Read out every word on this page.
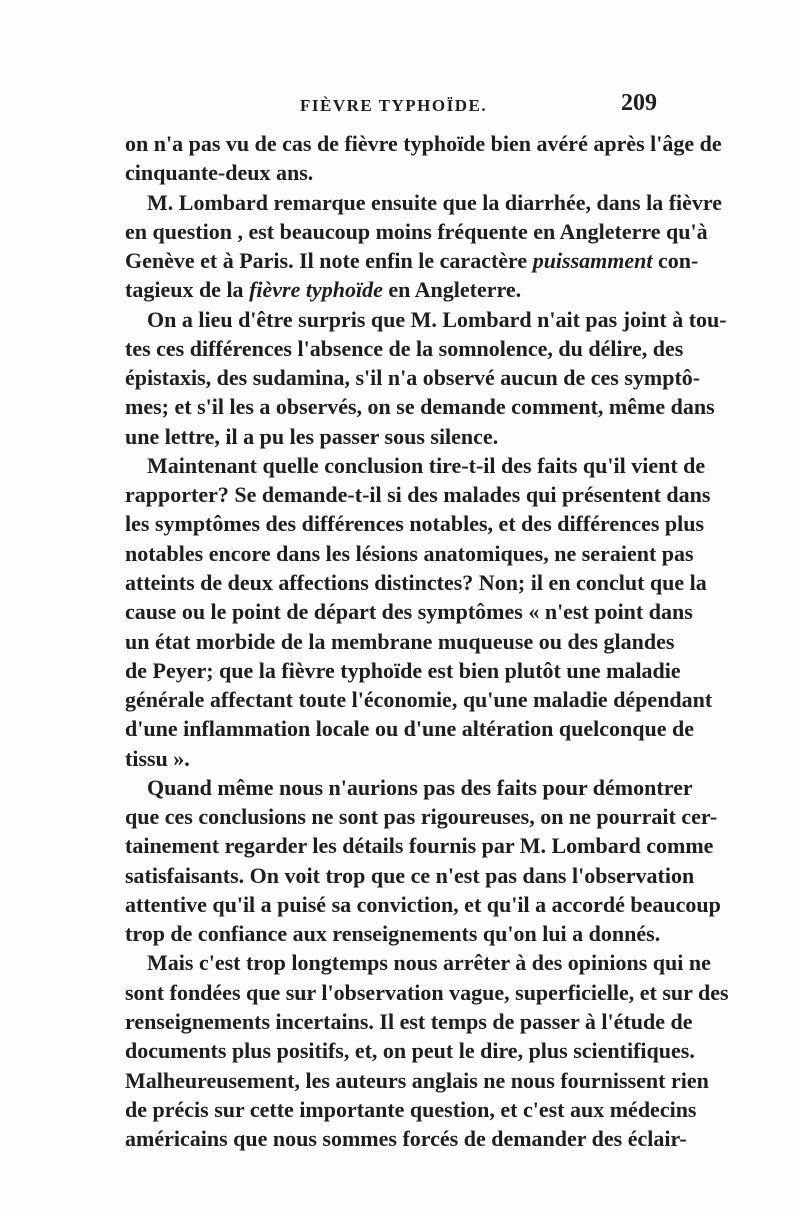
FIÈVRE TYPHOÏDE.	209
on n'a pas vu de cas de fièvre typhoïde bien avéré après l'âge de
cinquante-deux ans.
M. Lombard remarque ensuite que la diarrhée, dans la fièvre
en question , est beaucoup moins fréquente en Angleterre qu'à
Genève et à Paris. Il note enfin le caractère puissamment con-
tagieux de la fièvre typhoïde en Angleterre.
On a lieu d'être surpris que M. Lombard n'ait pas joint à tou-
tes ces différences l'absence de la somnolence, du délire, des
épistaxis, des sudamina, s'il n'a observé aucun de ces symptô-
mes; et s'il les a observés, on se demande comment, même dans
une lettre, il a pu les passer sous silence.
Maintenant quelle conclusion tire-t-il des faits qu'il vient de
rapporter? Se demande-t-il si des malades qui présentent dans
les symptômes des différences notables, et des différences plus
notables encore dans les lésions anatomiques, ne seraient pas
atteints de deux affections distinctes? Non; il en conclut que la
cause ou le point de départ des symptômes « n'est point dans
un état morbide de la membrane muqueuse ou des glandes
de Peyer; que la fièvre typhoïde est bien plutôt une maladie
générale affectant toute l'économie, qu'une maladie dépendant
d'une inflammation locale ou d'une altération quelconque de
tissu ».
Quand même nous n'aurions pas des faits pour démontrer
que ces conclusions ne sont pas rigoureuses, on ne pourrait cer-
tainement regarder les détails fournis par M. Lombard comme
satisfaisants. On voit trop que ce n'est pas dans l'observation
attentive qu'il a puisé sa conviction, et qu'il a accordé beaucoup
trop de confiance aux renseignements qu'on lui a donnés.
Mais c'est trop longtemps nous arrêter à des opinions qui ne
sont fondées que sur l'observation vague, superficielle, et sur des
renseignements incertains. Il est temps de passer à l'étude de
documents plus positifs, et, on peut le dire, plus scientifiques.
Malheureusement, les auteurs anglais ne nous fournissent rien
de précis sur cette importante question, et c'est aux médecins
américains que nous sommes forcés de demander des éclair-
